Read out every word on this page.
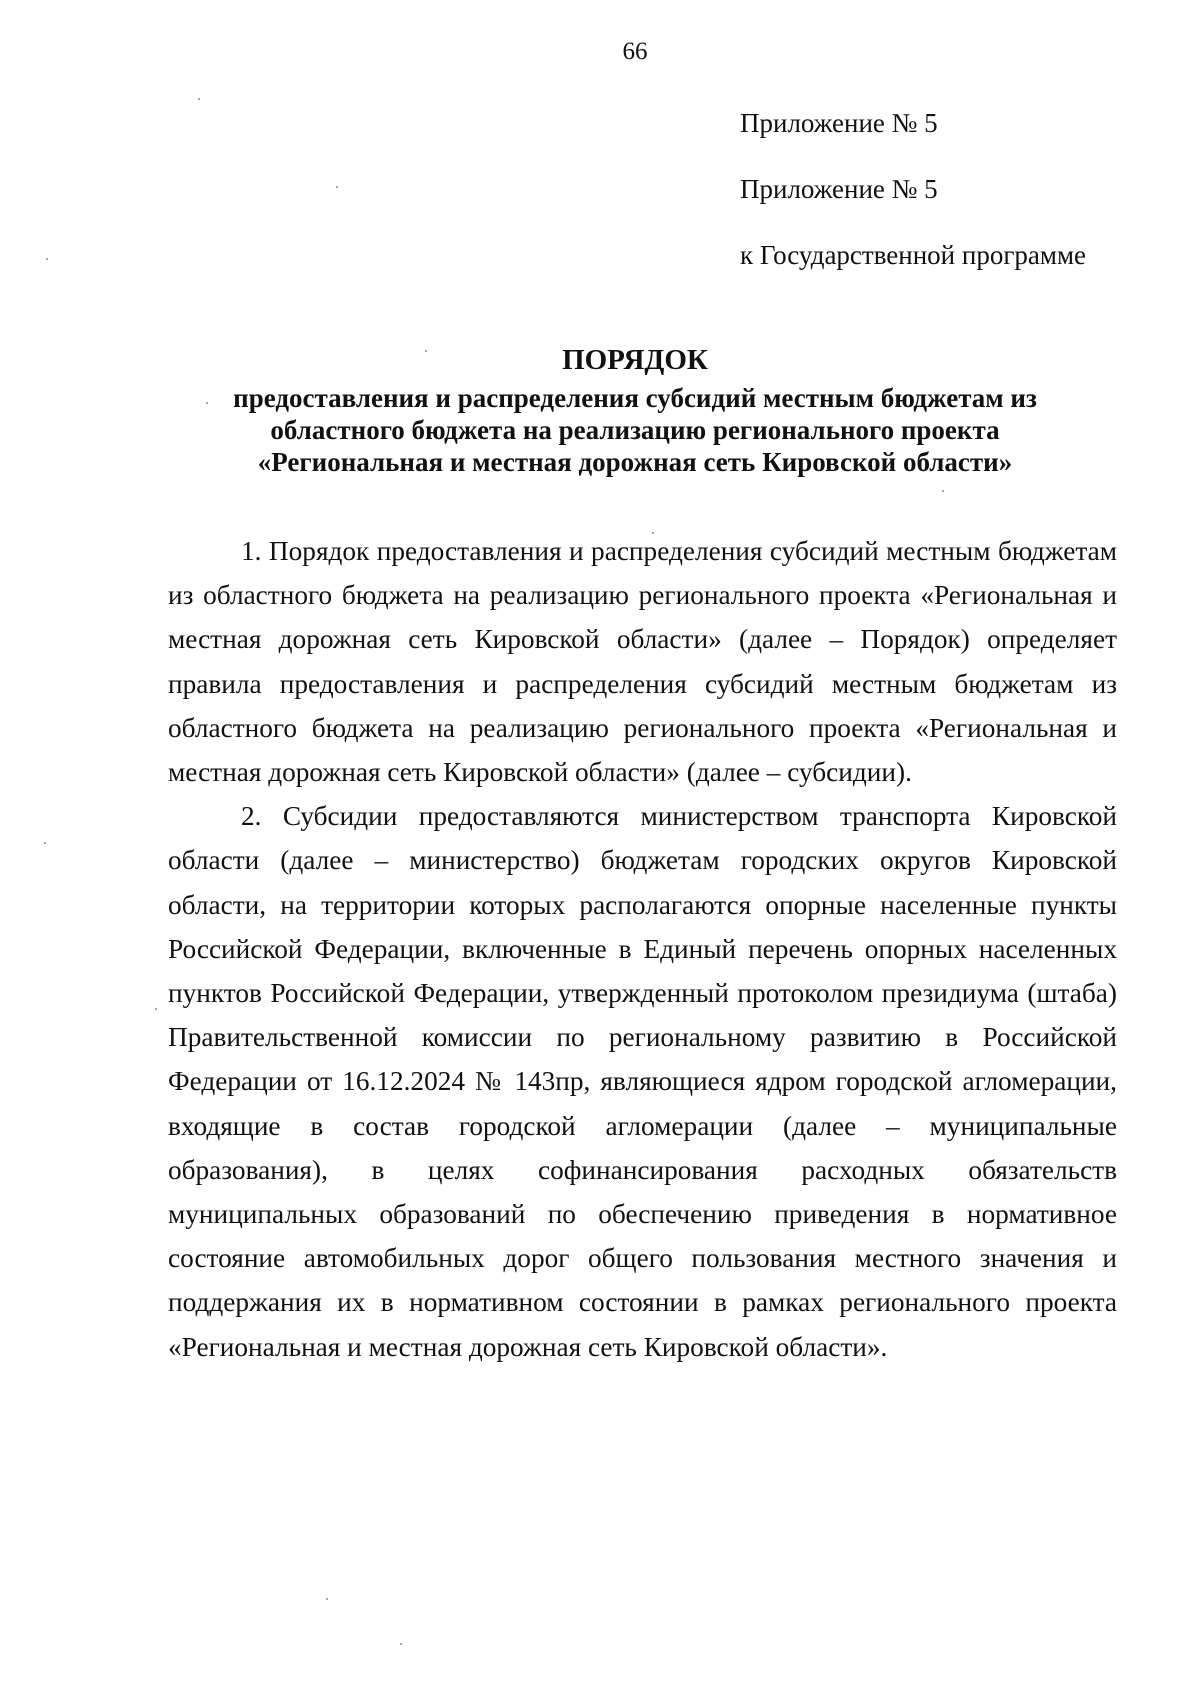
66
Приложение № 5
Приложение № 5
к Государственной программе

ПОРЯДОК

предоставления и распределения субсидий местным бюджетам из
областного бюджета на реализацию регионального проекта
«Региональная и местная дорожная сеть Кировской области»

1. Порядок предоставления и распределения субсидий местным бюджетам из областного бюджета на реализацию регионального проекта «Региональная и местная дорожная сеть Кировской области» (далее – Порядок) определяет правила предоставления и распределения субсидий местным бюджетам из областного бюджета на реализацию регионального проекта «Региональная и местная дорожная сеть Кировской области» (далее – субсидии).

2. Субсидии предоставляются министерством транспорта Кировской области (далее – министерство) бюджетам городских округов Кировской области, на территории которых располагаются опорные населенные пункты Российской Федерации, включенные в Единый перечень опорных населенных пунктов Российской Федерации, утвержденный протоколом президиума (штаба) Правительственной комиссии по региональному развитию в Российской Федерации от 16.12.2024 № 143пр, являющиеся ядром городской агломерации, входящие в состав городской агломерации (далее – муниципальные образования), в целях софинансирования расходных обязательств муниципальных образований по обеспечению приведения в нормативное состояние автомобильных дорог общего пользования местного значения и поддержания их в нормативном состоянии в рамках регионального проекта «Региональная и местная дорожная сеть Кировской области».
